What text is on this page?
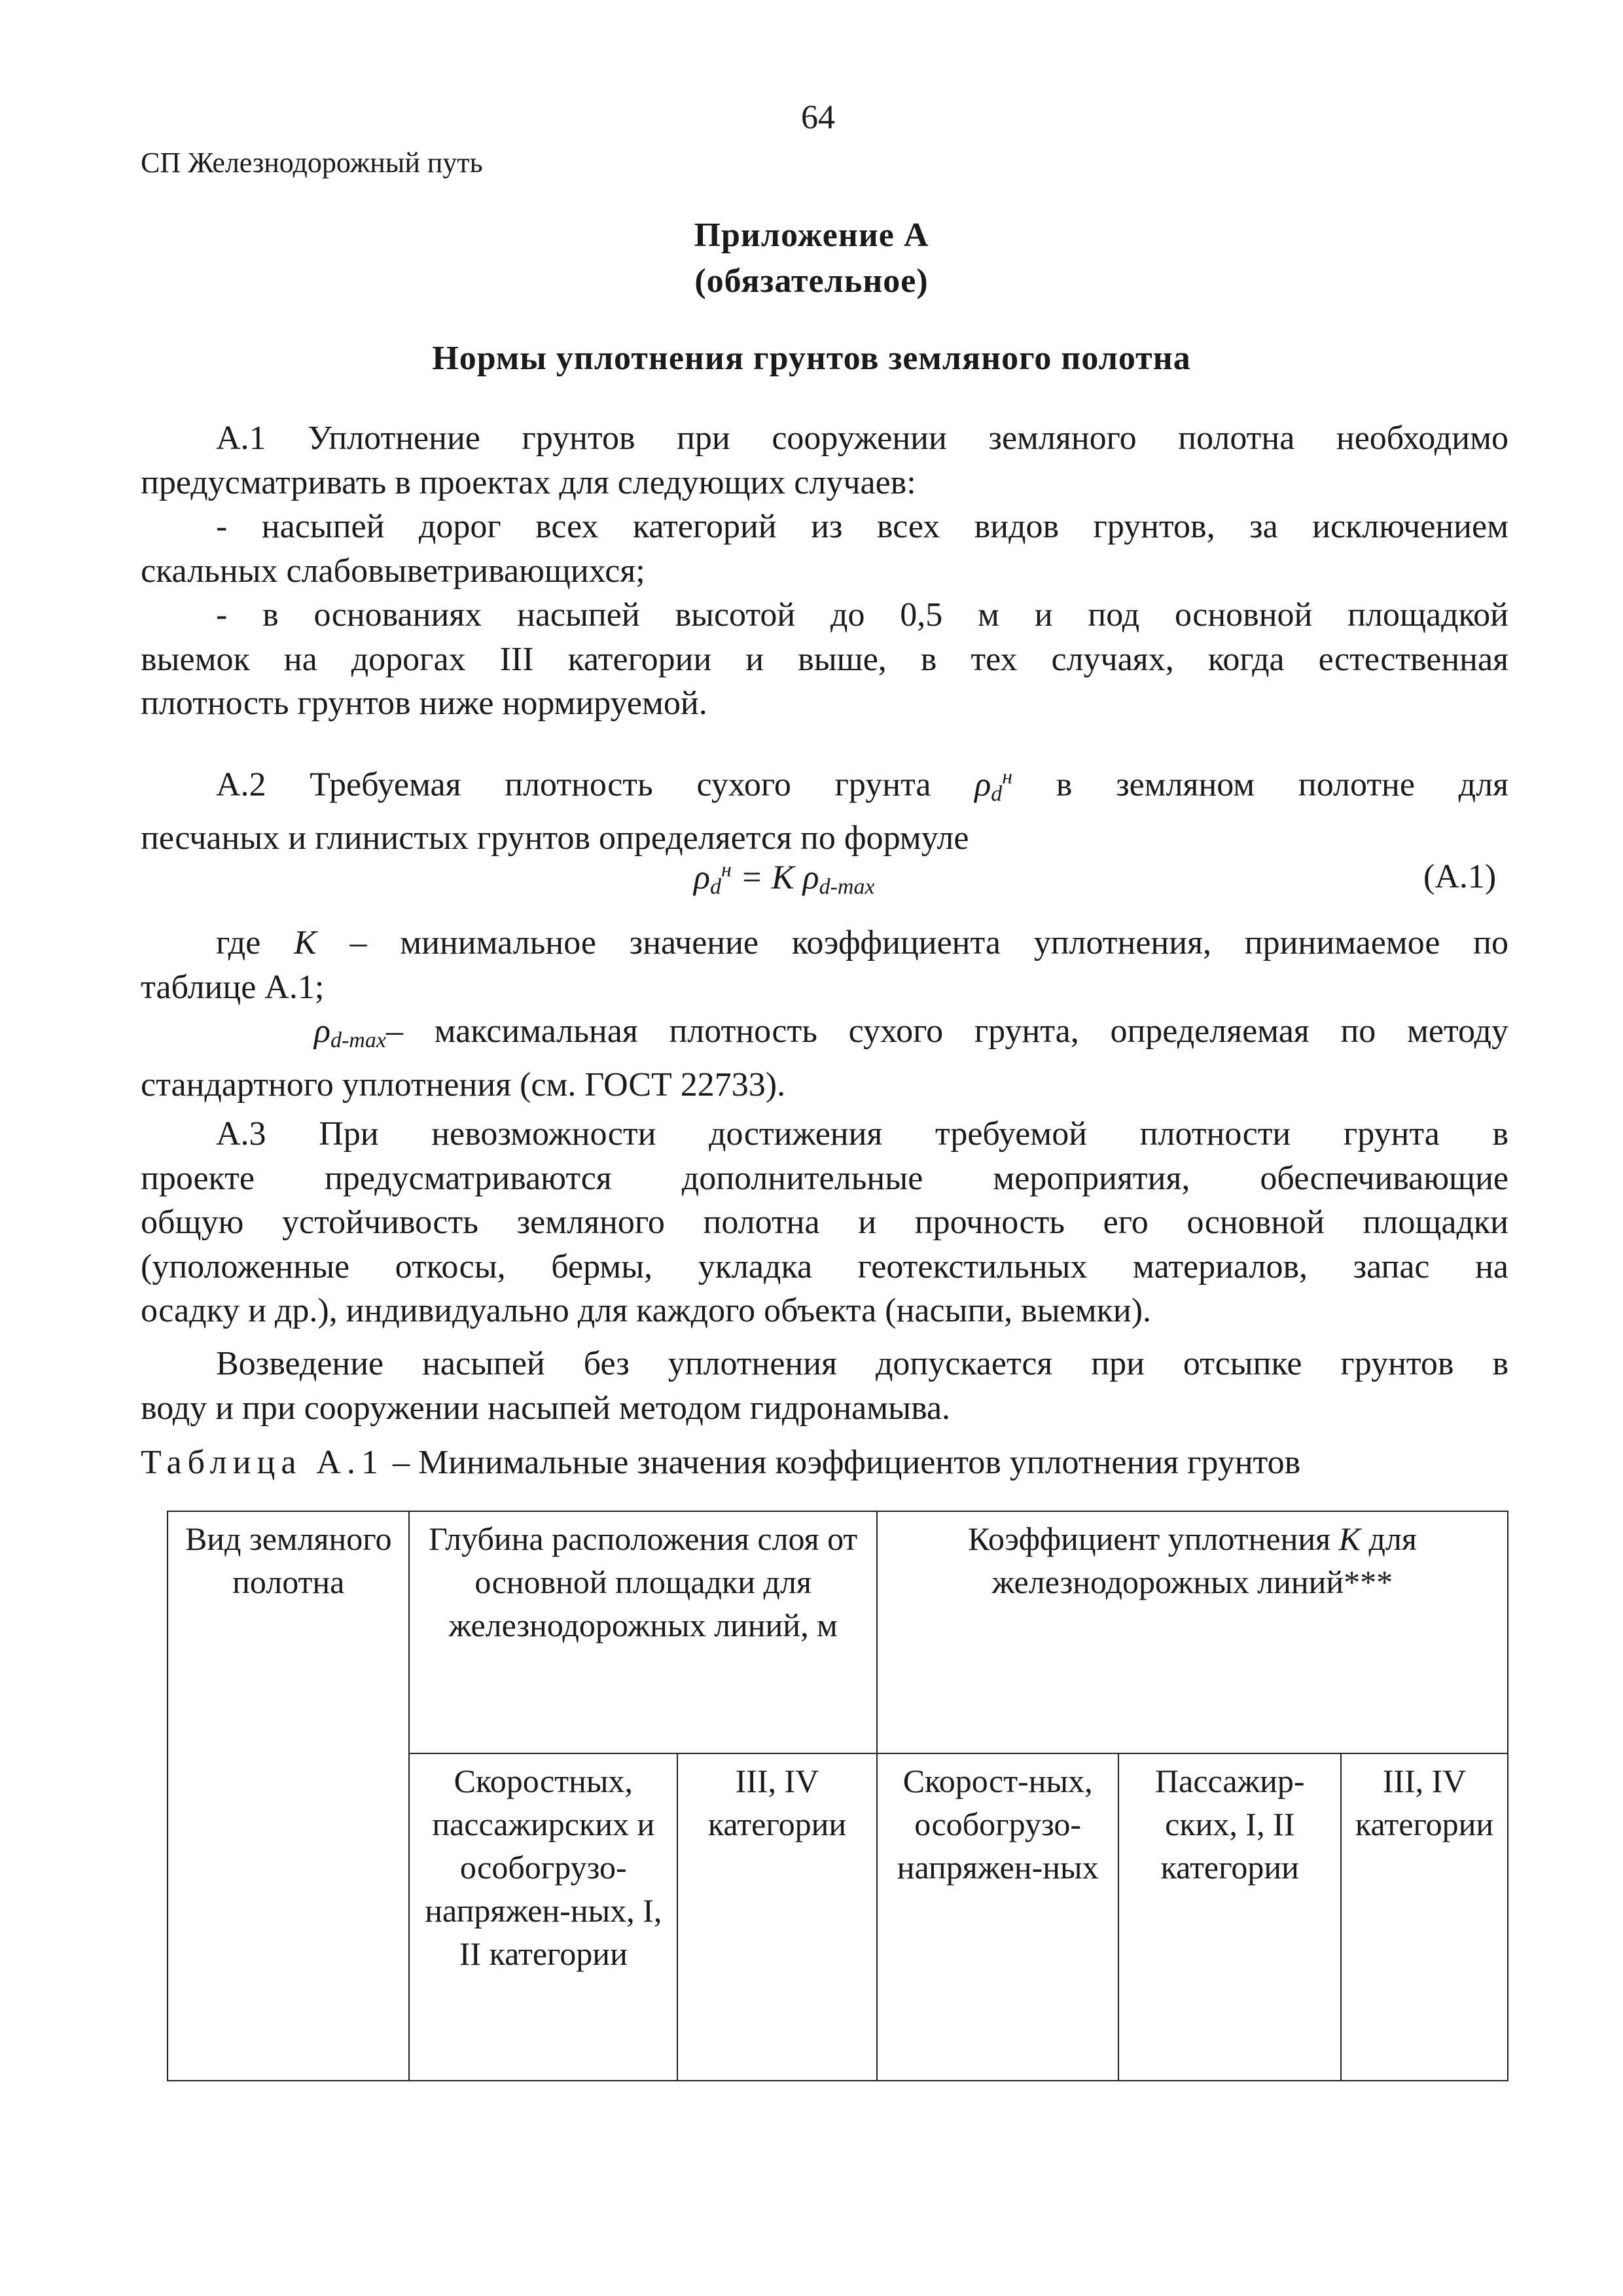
64
СП Железнодорожный путь
Приложение А
(обязательное)
Нормы уплотнения грунтов земляного полотна
А.1 Уплотнение грунтов при сооружении земляного полотна необходимо
предусматривать в проектах для следующих случаев:
- насыпей дорог всех категорий из всех видов грунтов, за исключением
скальных слабовыветривающихся;
- в основаниях насыпей высотой до 0,5 м и под основной площадкой
выемок на дорогах III категории и выше, в тех случаях, когда естественная
плотность грунтов ниже нормируемой.
А.2 Требуемая плотность сухого грунта $\rho_d^н$ в земляном полотне для
песчаных и глинистых грунтов определяется по формуле
$\rho_d^н = K$ $\rho_{d-max}$	(А.1)
где K – минимальное значение коэффициента уплотнения, принимаемое по
таблице А.1;
$\rho_{d-max}-$ максимальная плотность сухого грунта, определяемая по методу
стандартного уплотнения (см. ГОСТ 22733).
А.3 При невозможности достижения требуемой плотности грунта в
проекте предусматриваются дополнительные мероприятия, обеспечивающие
общую устойчивость земляного полотна и прочность его основной площадки
(уположенные откосы, бермы, укладка геотекстильных материалов, запас на
осадку и др.), индивидуально для каждого объекта (насыпи, выемки).
Возведение насыпей без уплотнения допускается при отсыпке грунтов в
воду и при сооружении насыпей методом гидронамыва.
Таблица А.1 – Минимальные значения коэффициентов уплотнения грунтов
Вид земляного полотна	Глубина расположения слоя от основной площадки для железнодорожных линий, м		Коэффициент уплотнения K для железнодорожных линий***		
	Скоростных, пассажирских и особогрузо-напряжен-ных, I, II категории	III, IV категории	Скорост-ных, особогрузо-напряжен-ных	Пассажир-ских, I, II категории	III, IV категории
